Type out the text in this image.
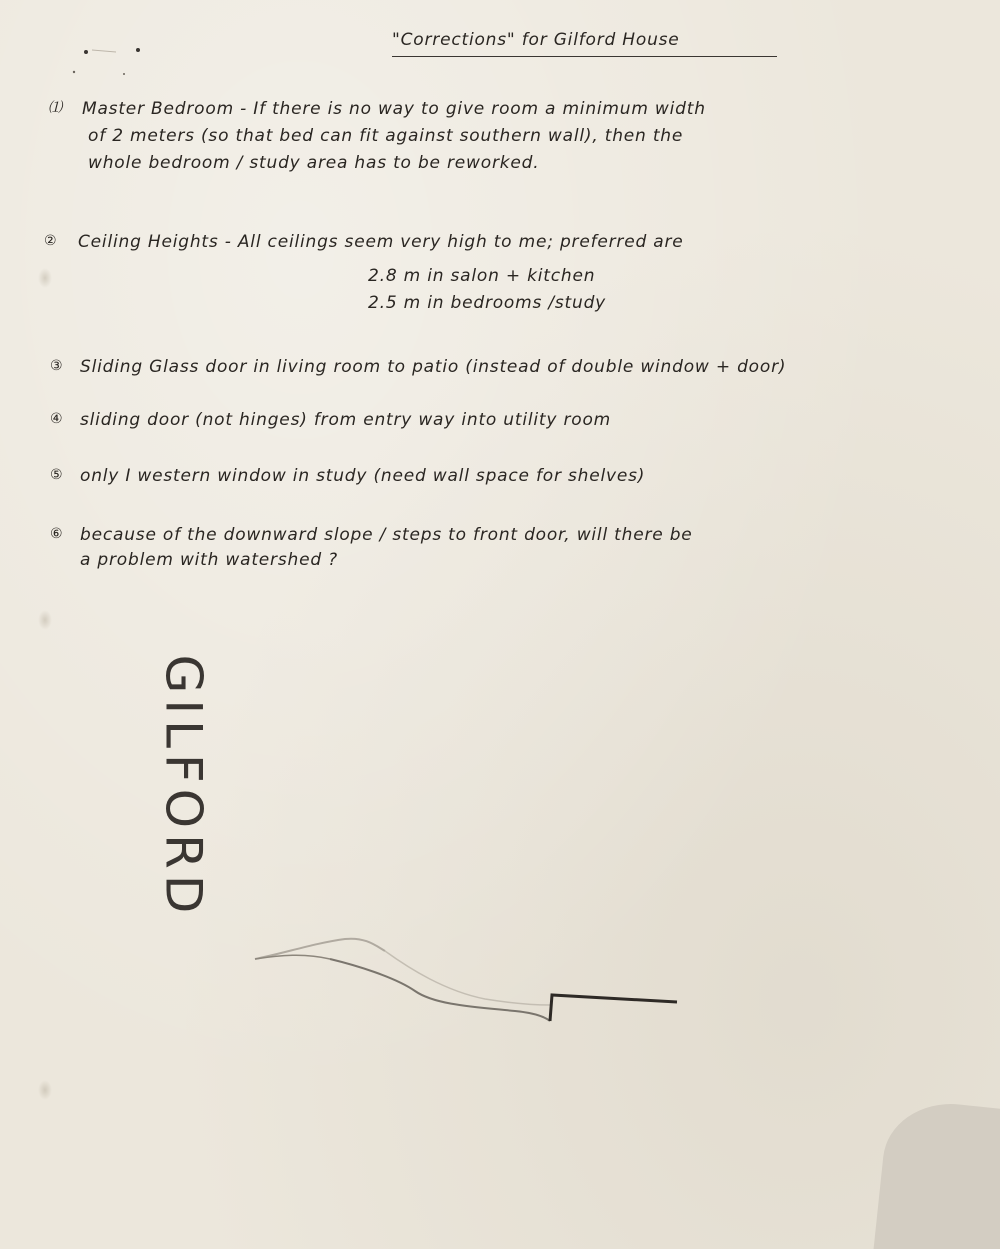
"Corrections" for Gilford House
⑴ Master Bedroom - If there is no way to give room a minimum width
of 2 meters (so that bed can fit against southern wall), then the
whole bedroom / study area has to be reworked.
② Ceiling Heights - All ceilings seem very high to me; preferred are
2.8 m in salon + kitchen
2.5 m in bedrooms /study
③ Sliding Glass door in living room to patio (instead of double window + door)
④ sliding door (not hinges) from entry way into utility room
⑤ only I western window in study (need wall space for shelves)
⑥ because of the downward slope / steps to front door, will there be
a problem with watershed ?
GILFORD
